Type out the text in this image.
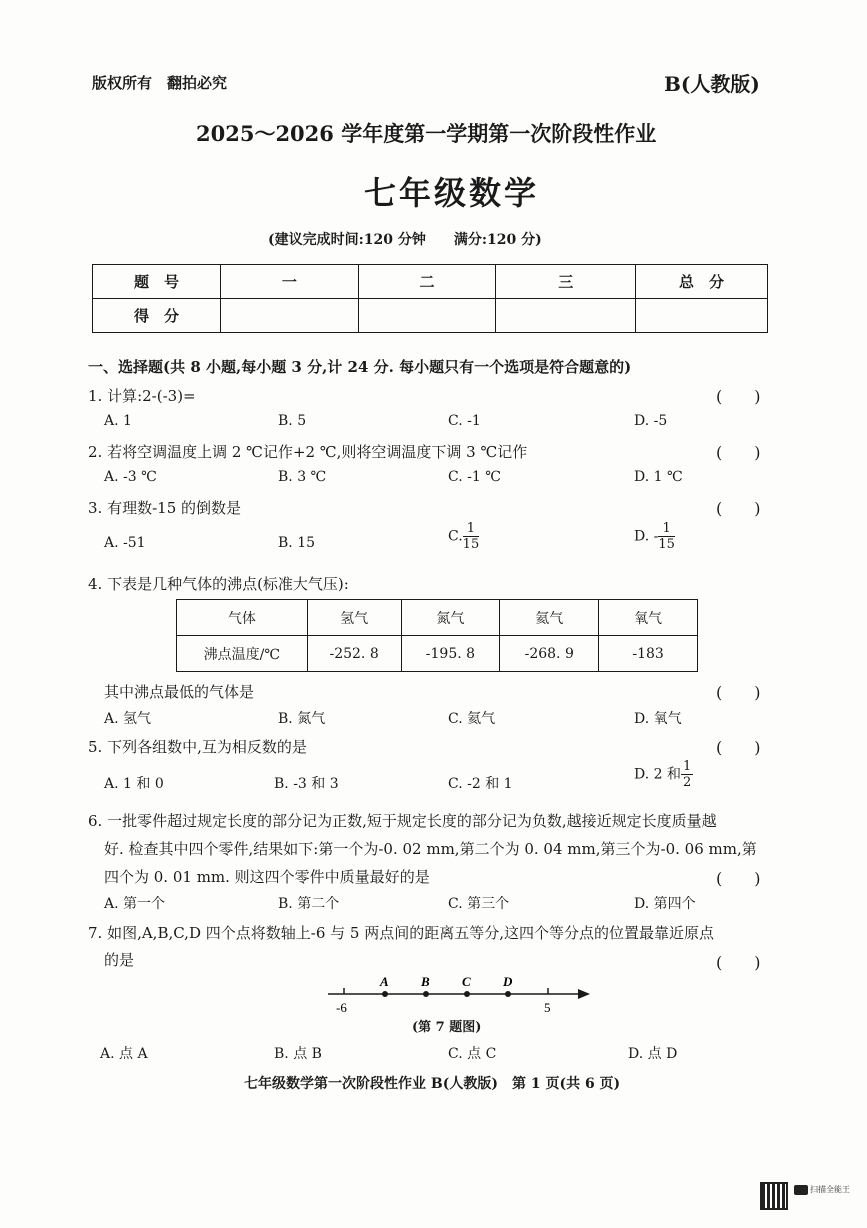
版权所有　翻拍必究	B(人教版)
2025～2026 学年度第一学期第一次阶段性作业
七年级数学
(建议完成时间:120 分钟　　满分:120 分)
题　号	一	二	三	总　分
得　分				
一、选择题(共 8 小题,每小题 3 分,计 24 分. 每小题只有一个选项是符合题意的)
1. 计算:2-(-3)=	(　　)
A. 1	B. 5	C. -1	D. -5
2. 若将空调温度上调 2 ℃记作+2 ℃,则将空调温度下调 3 ℃记作	(　　)
A. -3 ℃	B. 3 ℃	C. -1 ℃	D. 1 ℃
3. 有理数-15 的倒数是	(　　)
A. -51	B. 15	C. $\frac{1}{15}$	D. - $\frac{1}{15}$
4. 下表是几种气体的沸点(标准大气压):
气体	氢气	氮气	氦气	氧气
沸点温度/℃	-252. 8	-195. 8	-268. 9	-183
其中沸点最低的气体是	(　　)
A. 氢气	B. 氮气	C. 氦气	D. 氧气
5. 下列各组数中,互为相反数的是	(　　)
A. 1 和 0	B. -3 和 3	C. -2 和 1
D. 2 和 $\frac{1}{2}$
6. 一批零件超过规定长度的部分记为正数,短于规定长度的部分记为负数,越接近规定长度质量越
好. 检查其中四个零件,结果如下:第一个为-0. 02 mm,第二个为 0. 04 mm,第三个为-0. 06 mm,第
四个为 0. 01 mm. 则这四个零件中质量最好的是	(　　)
A. 第一个	B. 第二个	C. 第三个	D. 第四个
7. 如图,A,B,C,D 四个点将数轴上-6 与 5 两点间的距离五等分,这四个等分点的位置最靠近原点
的是	(　　)
A B C D
-6	5
(第 7 题图)
A. 点 A	B. 点 B	C. 点 C	D. 点 D
七年级数学第一次阶段性作业 B(人教版)　第 1 页(共 6 页)
扫描全能王
